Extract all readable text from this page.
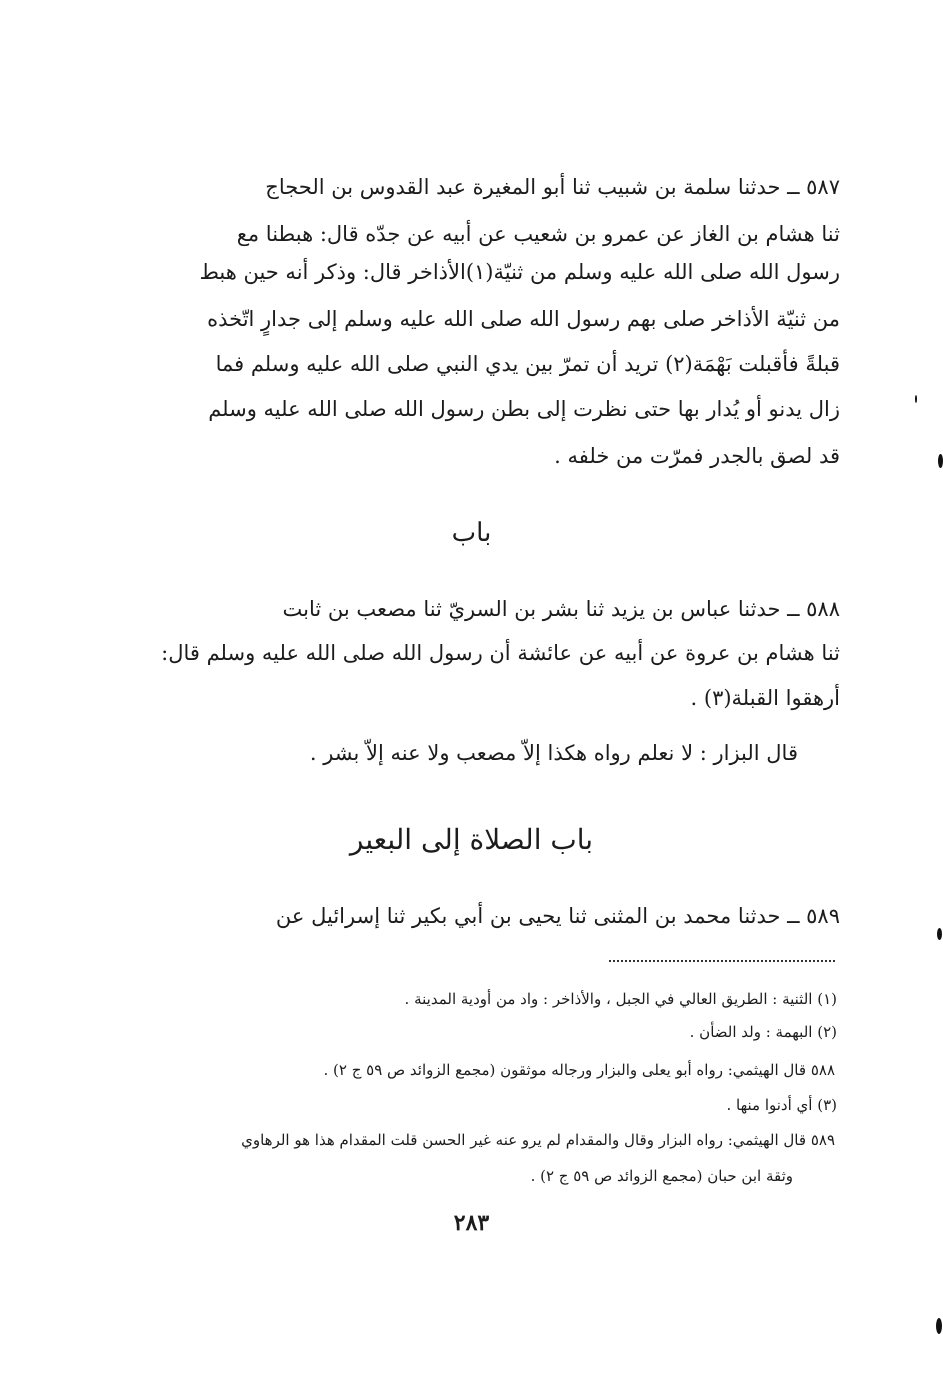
٥٨٧ ــ حدثنا سلمة بن شبيب ثنا أبو المغيرة عبد القدوس بن الحجاج
ثنا هشام بن الغاز عن عمرو بن شعيب عن أبيه عن جدّه قال: هبطنا مع
رسول الله صلى الله عليه وسلم من ثنيّة(١)الأذاخر قال: وذكر أنه حين هبط
من ثنيّة الأذاخر صلى بهم رسول الله صلى الله عليه وسلم إلى جدارٍ اتّخذه
قبلةً فأقبلت بَهْمَة(٢) تريد أن تمرّ بين يدي النبي صلى الله عليه وسلم فما
زال يدنو أو يُدار بها حتى نظرت إلى بطن رسول الله صلى الله عليه وسلم
قد لصق بالجدر فمرّت من خلفه .
باب
٥٨٨ ــ حدثنا عباس بن يزيد ثنا بشر بن السريّ ثنا مصعب بن ثابت
ثنا هشام بن عروة عن أبيه عن عائشة أن رسول الله صلى الله عليه وسلم قال:
أرهقوا القبلة(٣) .
قال البزار : لا نعلم رواه هكذا إلاّ مصعب ولا عنه إلاّ بشر .
باب الصلاة إلى البعير
٥٨٩ ــ حدثنا محمد بن المثنى ثنا يحيى بن أبي بكير ثنا إسرائيل عن
(١) الثنية : الطريق العالي في الجبل ، والأذاخر : واد من أودية المدينة .
(٢) البهمة : ولد الضأن .
٥٨٨ قال الهيثمي: رواه أبو يعلى والبزار ورجاله موثقون (مجمع الزوائد ص ٥٩ ج ٢) .
(٣) أي أدنوا منها .
٥٨٩ قال الهيثمي: رواه البزار وقال والمقدام لم يرو عنه غير الحسن قلت المقدام هذا هو الرهاوي
وثقة ابن حبان (مجمع الزوائد ص ٥٩ ج ٢) .
٢٨٣
